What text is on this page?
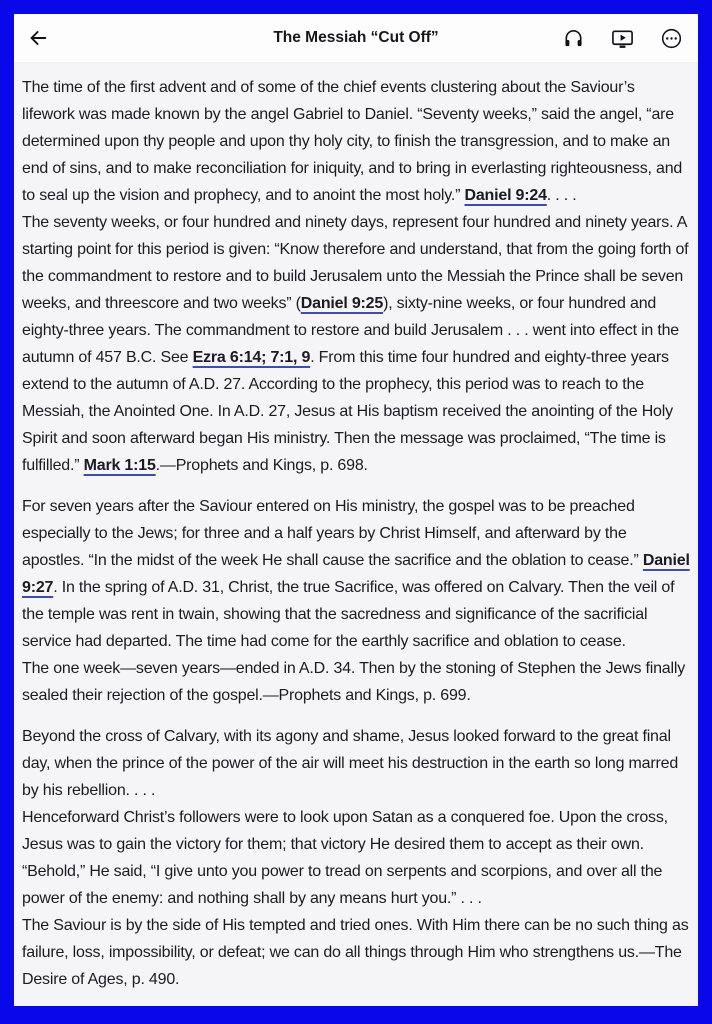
The Messiah “Cut Off”

The time of the first advent and of some of the chief events clustering about the Saviour’s lifework was made known by the angel Gabriel to Daniel. “Seventy weeks,” said the angel, “are determined upon thy people and upon thy holy city, to finish the transgression, and to make an end of sins, and to make reconciliation for iniquity, and to bring in everlasting righteousness, and to seal up the vision and prophecy, and to anoint the most holy.” Daniel 9:24. . . .

The seventy weeks, or four hundred and ninety days, represent four hundred and ninety years. A starting point for this period is given: “Know therefore and understand, that from the going forth of the commandment to restore and to build Jerusalem unto the Messiah the Prince shall be seven weeks, and threescore and two weeks” (Daniel 9:25), sixty-nine weeks, or four hundred and eighty-three years. The commandment to restore and build Jerusalem . . . went into effect in the autumn of 457 B.C. See Ezra 6:14; 7:1, 9. From this time four hundred and eighty-three years extend to the autumn of A.D. 27. According to the prophecy, this period was to reach to the Messiah, the Anointed One. In A.D. 27, Jesus at His baptism received the anointing of the Holy Spirit and soon afterward began His ministry. Then the message was proclaimed, “The time is fulfilled.” Mark 1:15.—Prophets and Kings, p. 698.

For seven years after the Saviour entered on His ministry, the gospel was to be preached especially to the Jews; for three and a half years by Christ Himself, and afterward by the apostles. “In the midst of the week He shall cause the sacrifice and the oblation to cease.” Daniel 9:27. In the spring of A.D. 31, Christ, the true Sacrifice, was offered on Calvary. Then the veil of the temple was rent in twain, showing that the sacredness and significance of the sacrificial service had departed. The time had come for the earthly sacrifice and oblation to cease.

The one week—seven years—ended in A.D. 34. Then by the stoning of Stephen the Jews finally sealed their rejection of the gospel.—Prophets and Kings, p. 699.

Beyond the cross of Calvary, with its agony and shame, Jesus looked forward to the great final day, when the prince of the power of the air will meet his destruction in the earth so long marred by his rebellion. . . .

Henceforward Christ’s followers were to look upon Satan as a conquered foe. Upon the cross, Jesus was to gain the victory for them; that victory He desired them to accept as their own. “Behold,” He said, “I give unto you power to tread on serpents and scorpions, and over all the power of the enemy: and nothing shall by any means hurt you.” . . .

The Saviour is by the side of His tempted and tried ones. With Him there can be no such thing as failure, loss, impossibility, or defeat; we can do all things through Him who strengthens us.—The Desire of Ages, p. 490.
